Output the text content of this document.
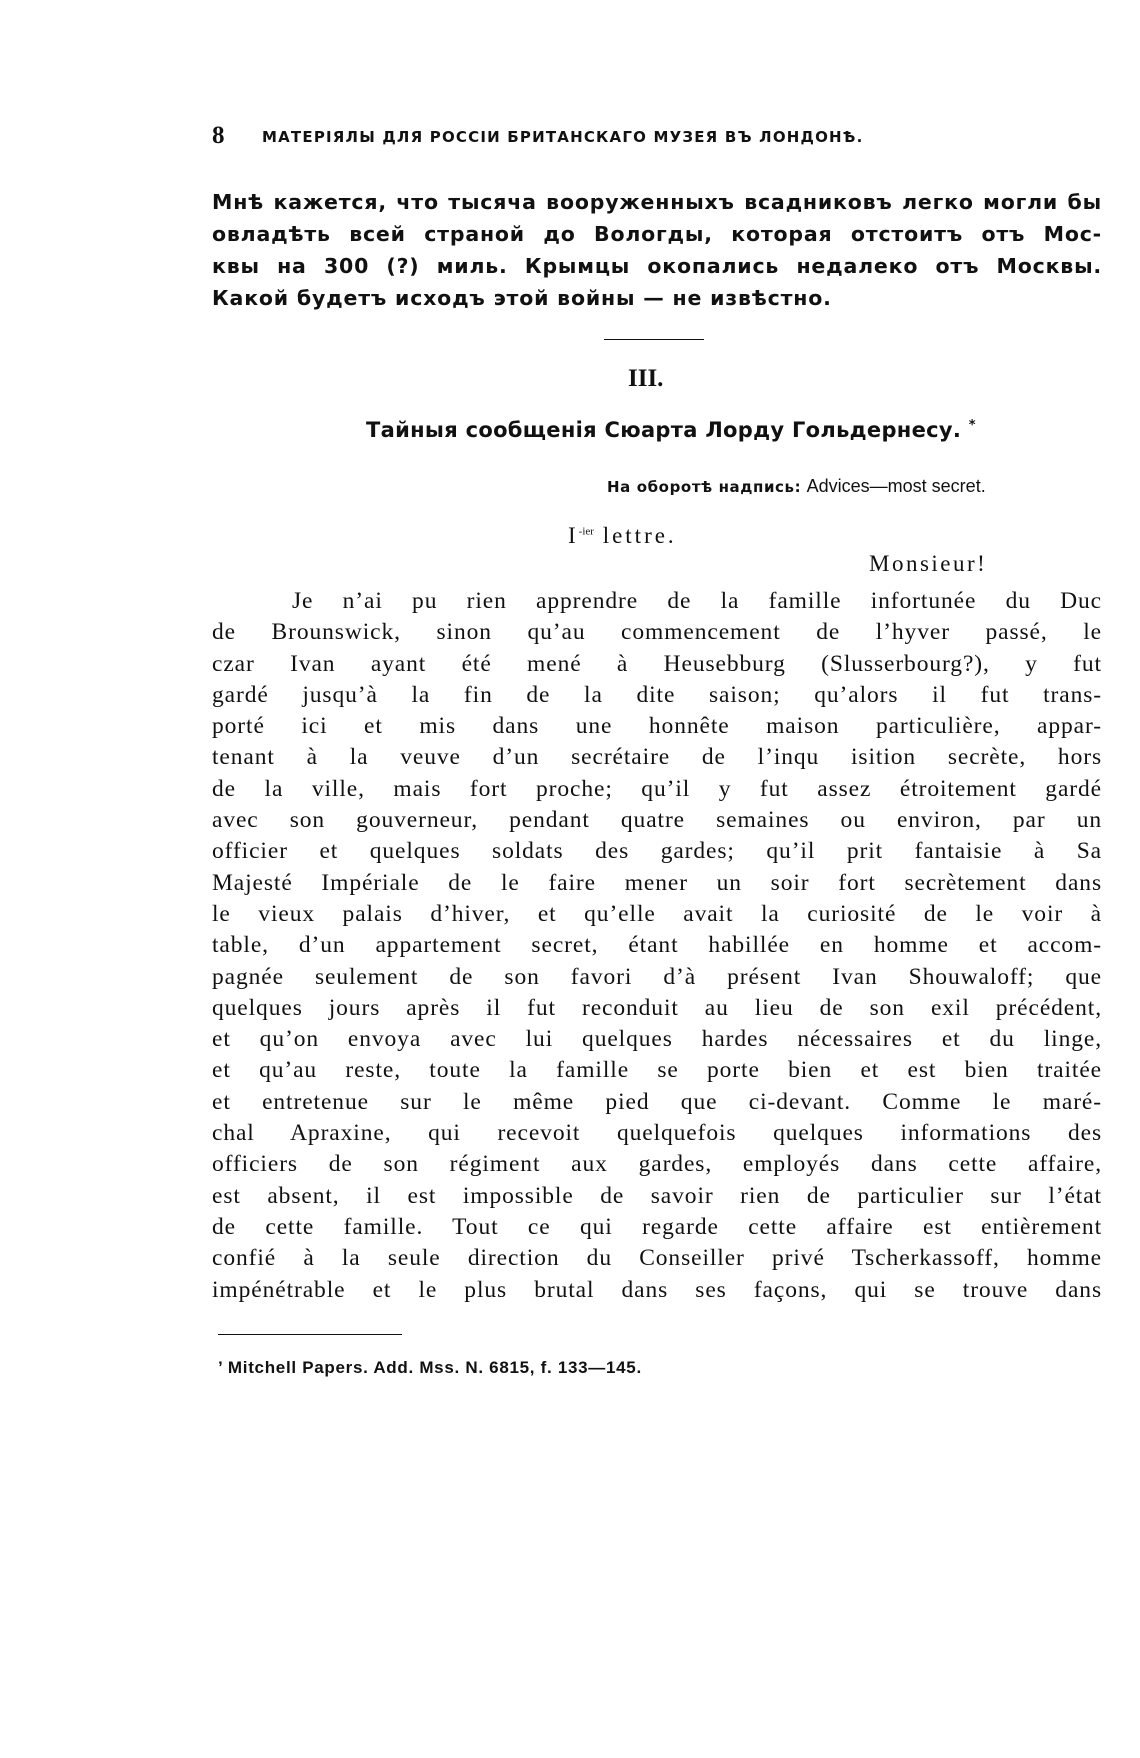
8	МАТЕРІЯЛЫ ДЛЯ РОССІИ БРИТАНСКАГО МУЗЕЯ ВЪ ЛОНДОНѢ.
Мнѣ кажется, что тысяча вооруженныхъ всадниковъ легко могли бы
овладѣть всей страной до Вологды, которая отстоитъ отъ Мос-
квы на 300 (?) миль. Крымцы окопались недалеко отъ Москвы.
Какой будетъ исходъ этой войны — не извѣстно.
III.
Тайныя сообщенія Сюарта Лорду Гольдернесу. *
На оборотѣ надпись: Advices—most secret.
$I^{-ier}$ lettre.
Monsieur!
Je n’ai pu rien apprendre de la famille infortunée du Duc
de Brounswick, sinon qu’au commencement de l’hyver passé, le
czar Ivan ayant été mené à Heusebburg (Slusserbourg?), y fut
gardé jusqu’à la fin de la dite saison; qu’alors il fut trans-
porté ici et mis dans une honnête maison particulière, appar-
tenant à la veuve d’un secrétaire de l’inqu isition secrète, hors
de la ville, mais fort proche; qu’il y fut assez étroitement gardé
avec son gouverneur, pendant quatre semaines ou environ, par un
officier et quelques soldats des gardes; qu’il prit fantaisie à Sa
Majesté Impériale de le faire mener un soir fort secrètement dans
le vieux palais d’hiver, et qu’elle avait la curiosité de le voir à
table, d’un appartement secret, étant habillée en homme et accom-
pagnée seulement de son favori d’à présent Ivan Shouwaloff; que
quelques jours après il fut reconduit au lieu de son exil précédent,
et qu’on envoya avec lui quelques hardes nécessaires et du linge,
et qu’au reste, toute la famille se porte bien et est bien traitée
et entretenue sur le même pied que ci-devant. Comme le maré-
chal Apraxine, qui recevoit quelquefois quelques informations des
officiers de son régiment aux gardes, employés dans cette affaire,
est absent, il est impossible de savoir rien de particulier sur l’état
de cette famille. Tout ce qui regarde cette affaire est entièrement
confié à la seule direction du Conseiller privé Tscherkassoff, homme
impénétrable et le plus brutal dans ses façons, qui se trouve dans
’ Mitchell Papers. Add. Mss. N. 6815, f. 133—145.
